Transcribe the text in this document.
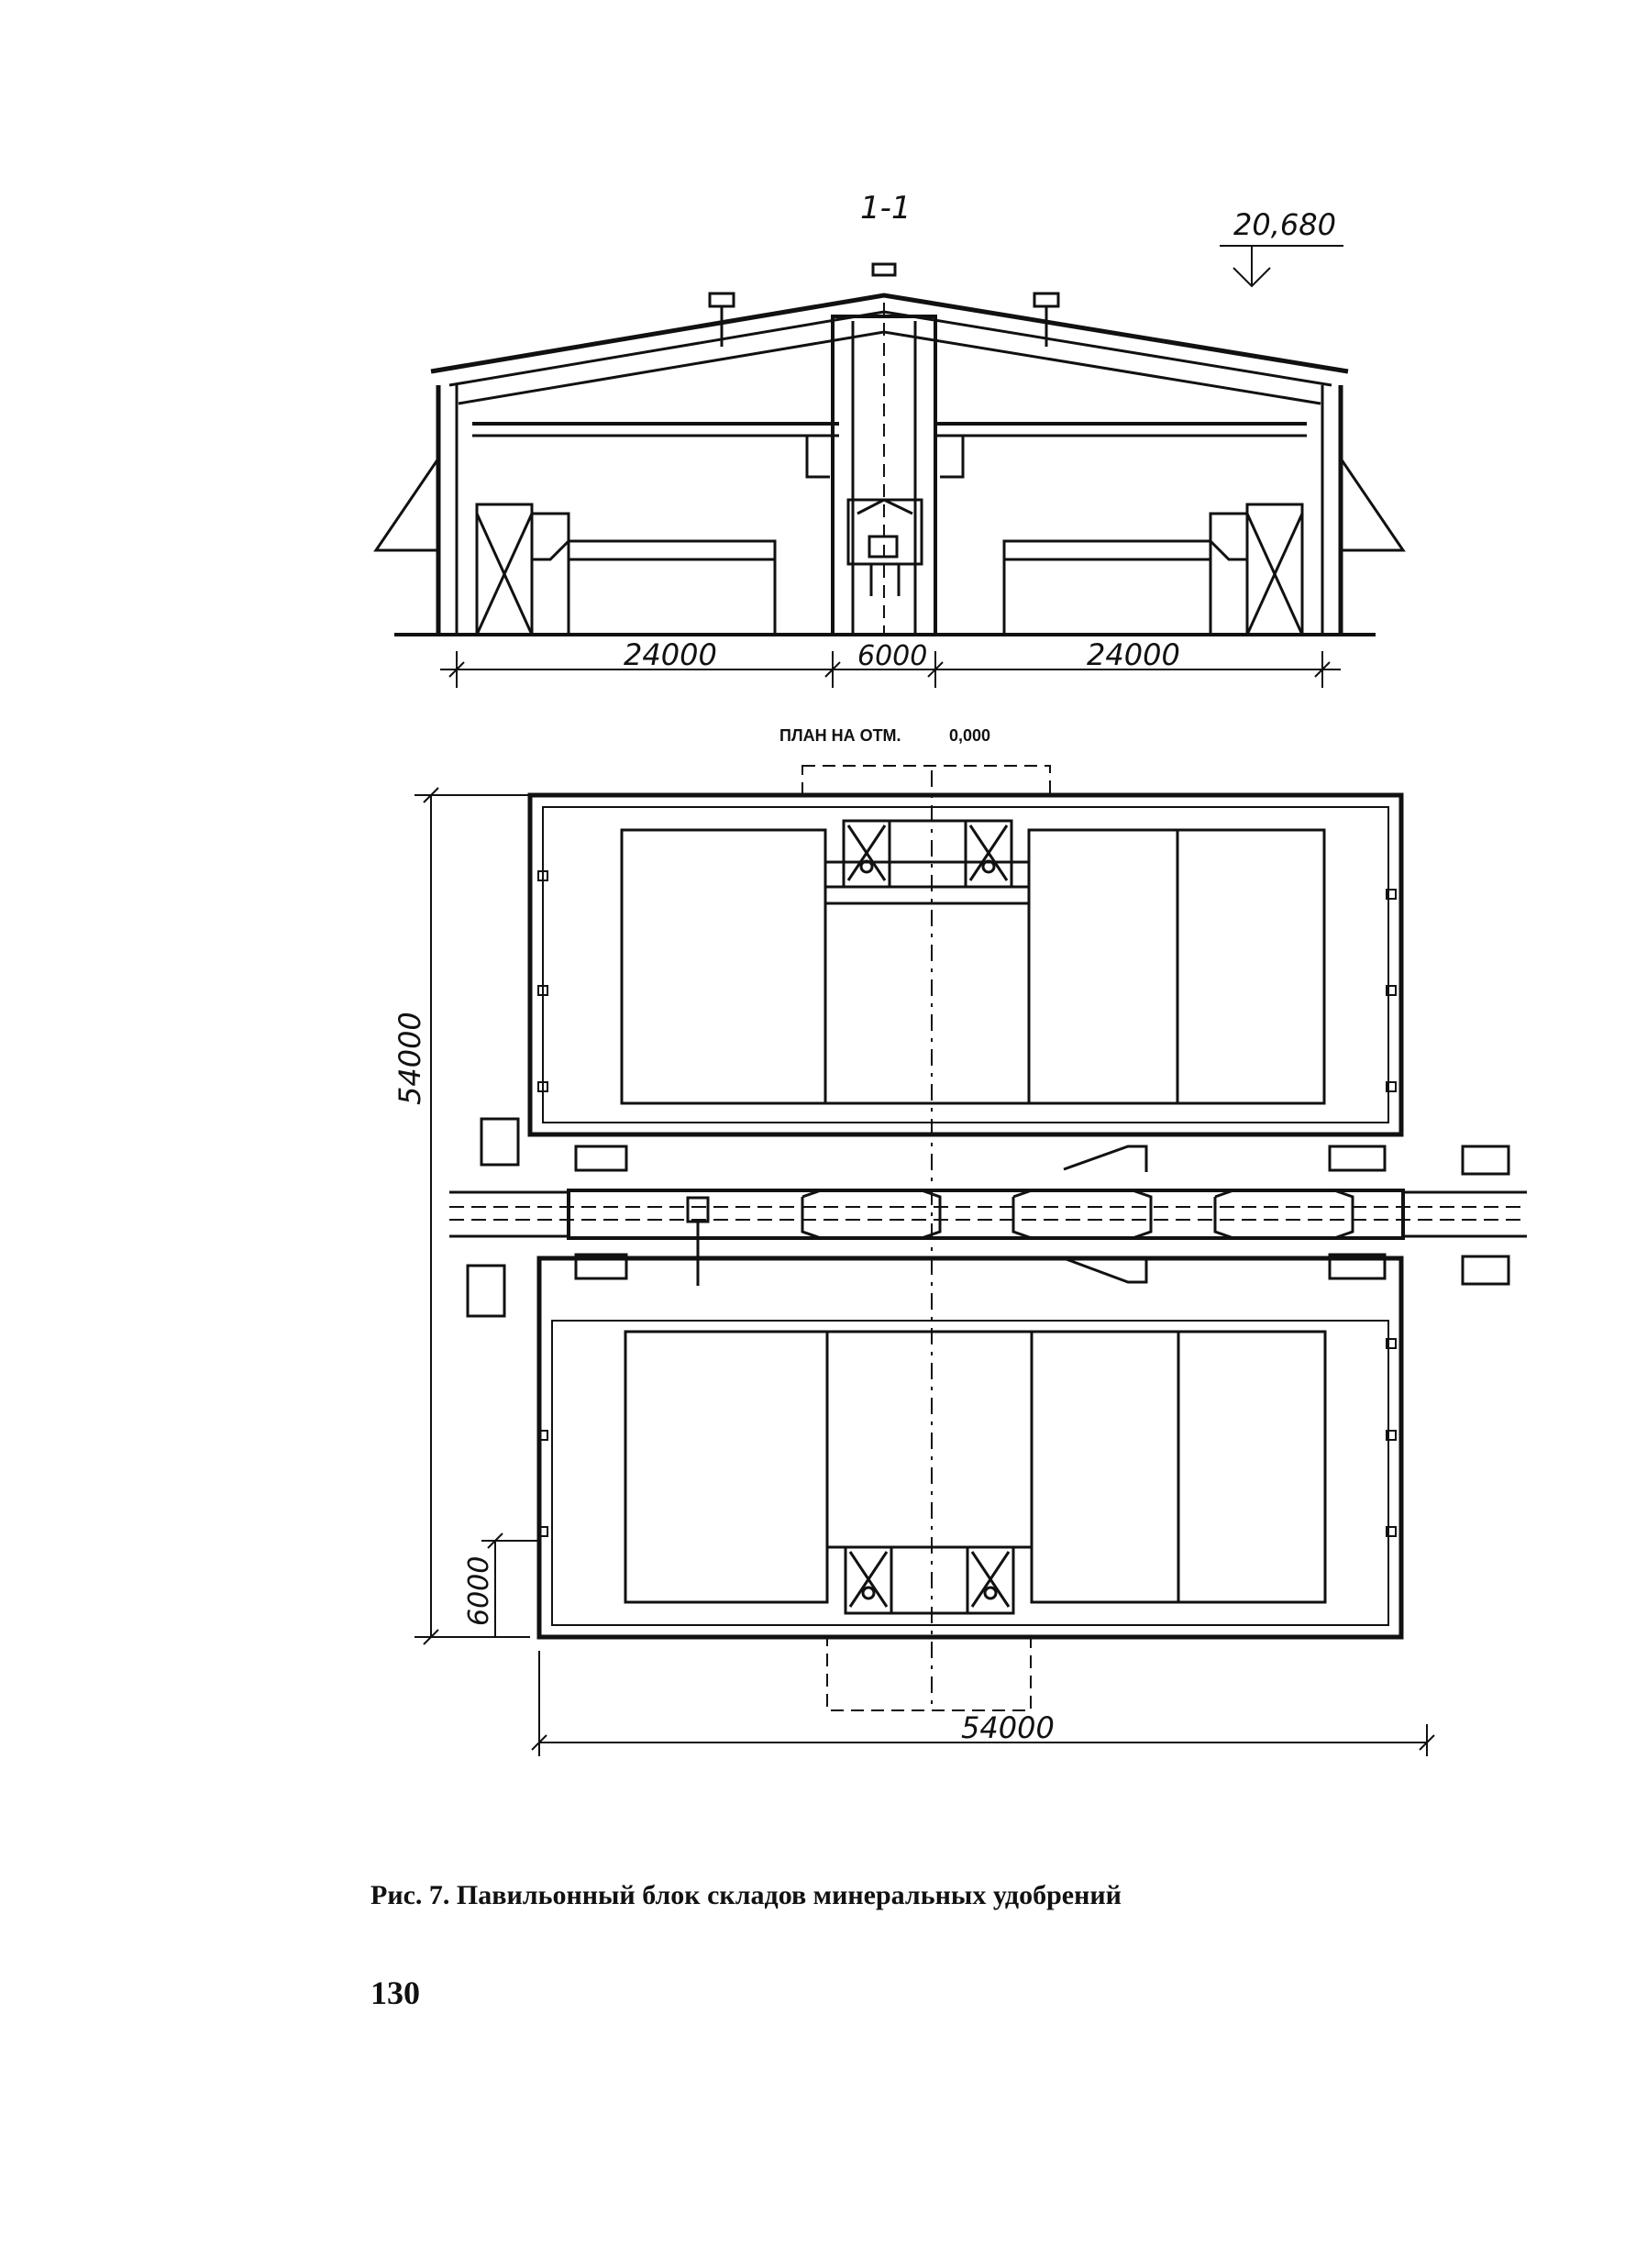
1-1	20,680
24000	6000	24000
ПЛАН НА ОТМ.	0,000
54000
6000
54000
Рис. 7. Павильонный блок складов минеральных удобрений
130
